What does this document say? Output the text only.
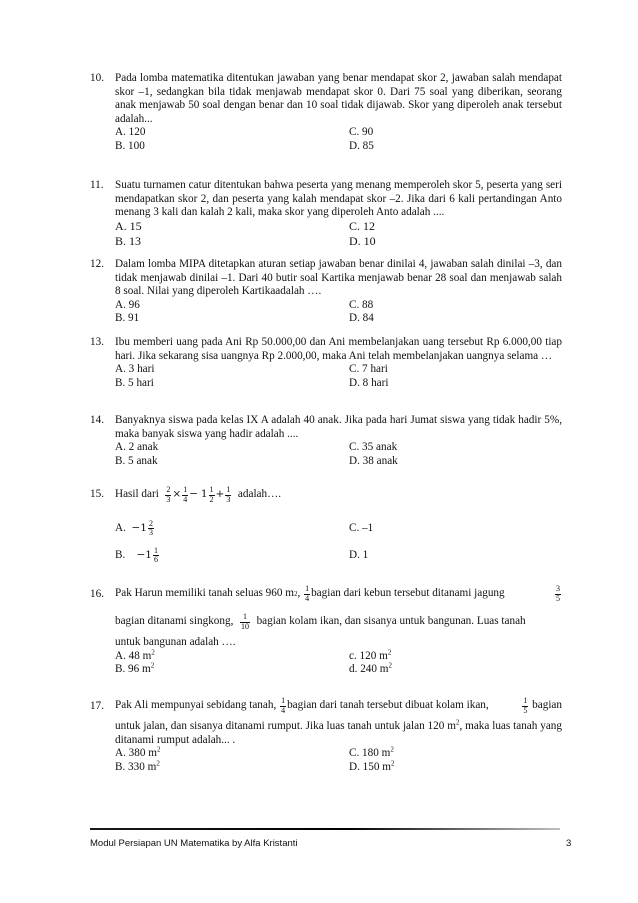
10. Pada lomba matematika ditentukan jawaban yang benar mendapat skor 2, jawaban salah mendapat skor –1, sedangkan bila tidak menjawab mendapat skor 0. Dari 75 soal yang diberikan, seorang anak menjawab 50 soal dengan benar dan 10 soal tidak dijawab. Skor yang diperoleh anak tersebut adalah...

A. 120	C. 90
B. 100	D. 85
11.	Suatu turnamen catur ditentukan bahwa peserta yang menang memperoleh skor 5, peserta yang seri mendapatkan skor 2, dan peserta yang kalah mendapat skor –2. Jika dari 6 kali pertandingan Anto menang 3 kali dan kalah 2 kali, maka skor yang diperoleh Anto adalah ....

A. 15	C. 12
B. 13	D. 10
12. Dalam lomba MIPA ditetapkan aturan setiap jawaban benar dinilai 4, jawaban salah dinilai –3, dan tidak menjawab dinilai –1. Dari 40 butir soal Kartika menjawab benar 28 soal dan menjawab salah 8 soal. Nilai yang diperoleh Kartikaadalah ….

A. 96	C. 88
B. 91	D. 84
13. Ibu memberi uang pada Ani Rp 50.000,00 dan Ani membelanjakan uang tersebut Rp 6.000,00 tiap hari. Jika sekarang sisa uangnya Rp 2.000,00, maka Ani telah membelanjakan uangnya selama …

A. 3 hari	C. 7 hari
B. 5 hari	D. 8 hari
14. Banyaknya siswa pada kelas IX A adalah 40 anak. Jika pada hari Jumat siswa yang tidak hadir 5%, maka banyak siswa yang hadir adalah ....

A. 2 anak	C. 35 anak
B. 5 anak	D. 38 anak
15. Hasil dari
$\frac{2}{3} \times \frac{1}{4}$ −
$1 \frac{1}{2} + \frac{1}{3}$
adalah….
A.
$-1 \frac{2}{3}$	C. –1
B.
$-1 \frac{1}{6}$	D. 1
16. Pak Harun memiliki tanah seluas 960 m 2 ,
$\frac{1}{4}$ bagian dari kebun tersebut ditanami jagung	$\frac{3}{5}$
bagian ditanami singkong,
$\frac{1}{10}$
bagian kolam ikan, dan sisanya untuk bangunan. Luas tanah

untuk bangunan adalah ….

A. 48 $m^2$	c. 120 $m^2$
B. 96 $m^2$	d. 240 $m^2$
17. Pak Ali mempunyai sebidang tanah,
$\frac{1}{4}$ bagian dari tanah tersebut dibuat kolam ikan,	$\frac{1}{5}$
bagian

untuk jalan, dan sisanya ditanami rumput. Jika luas tanah untuk jalan 120 $m^2$, maka luas tanah yang ditanami rumput adalah... .

A. 380 $m^2$	C. 180 $m^2$
B. 330 $m^2$	D. 150 $m^2$
Modul Persiapan UN Matematika by Alfa Kristanti	3
